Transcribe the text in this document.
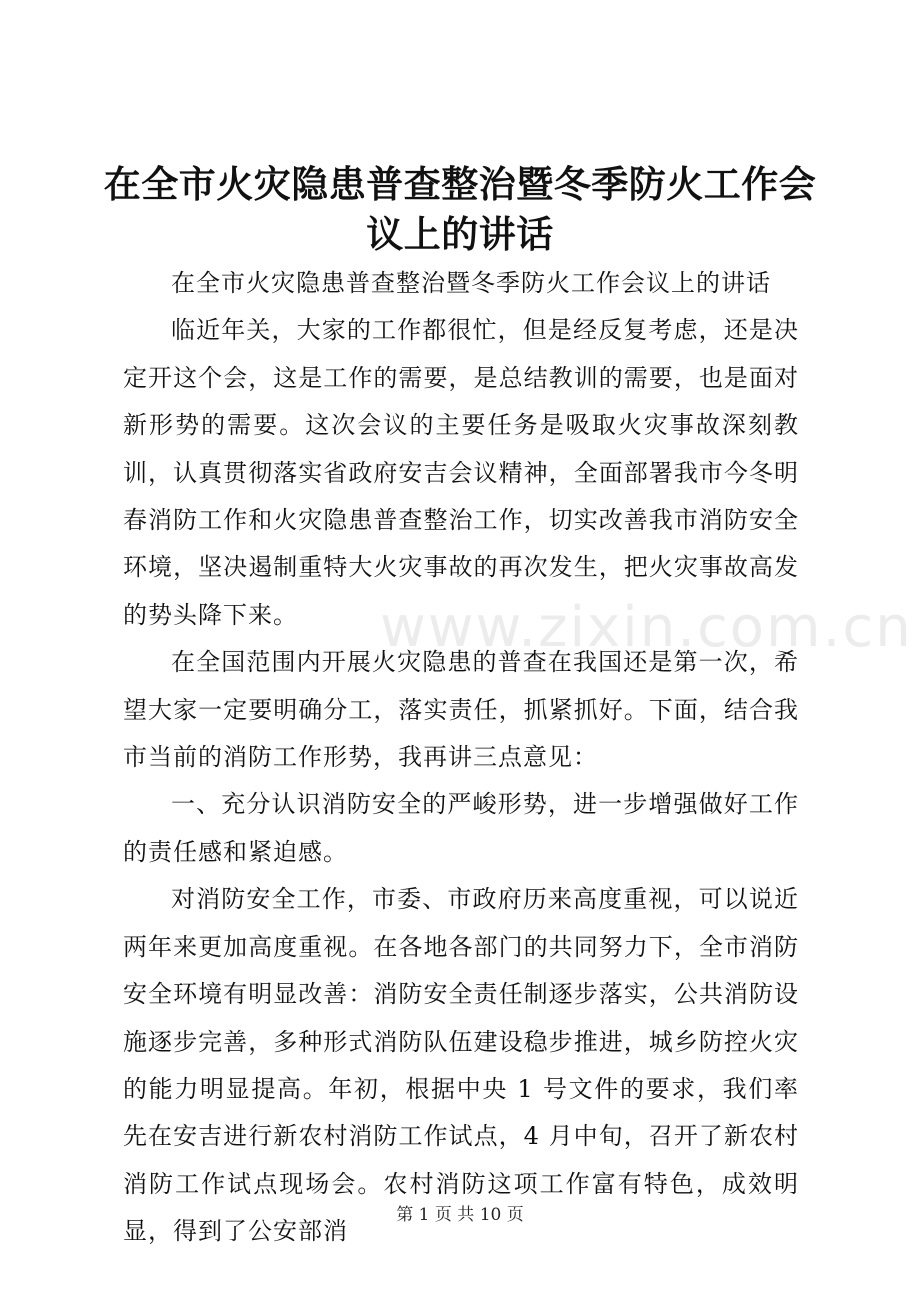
在全市火灾隐患普查整治暨冬季防火工作会议上的讲话

在全市火灾隐患普查整治暨冬季防火工作会议上的讲话

临近年关，大家的工作都很忙，但是经反复考虑，还是决定开这个会，这是工作的需要，是总结教训的需要，也是面对新形势的需要。这次会议的主要任务是吸取火灾事故深刻教训，认真贯彻落实省政府安吉会议精神，全面部署我市今冬明春消防工作和火灾隐患普查整治工作，切实改善我市消防安全环境，坚决遏制重特大火灾事故的再次发生，把火灾事故高发的势头降下来。

在全国范围内开展火灾隐患的普查在我国还是第一次，希望大家一定要明确分工，落实责任，抓紧抓好。下面，结合我市当前的消防工作形势，我再讲三点意见：

一、充分认识消防安全的严峻形势，进一步增强做好工作的责任感和紧迫感。

对消防安全工作，市委、市政府历来高度重视，可以说近两年来更加高度重视。在各地各部门的共同努力下，全市消防安全环境有明显改善：消防安全责任制逐步落实，公共消防设施逐步完善，多种形式消防队伍建设稳步推进，城乡防控火灾的能力明显提高。年初，根据中央 1 号文件的要求，我们率先在安吉进行新农村消防工作试点，4 月中旬，召开了新农村消防工作试点现场会。农村消防这项工作富有特色，成效明显，得到了公安部消

www.zixin.com.cn
第 1 页 共 10 页
